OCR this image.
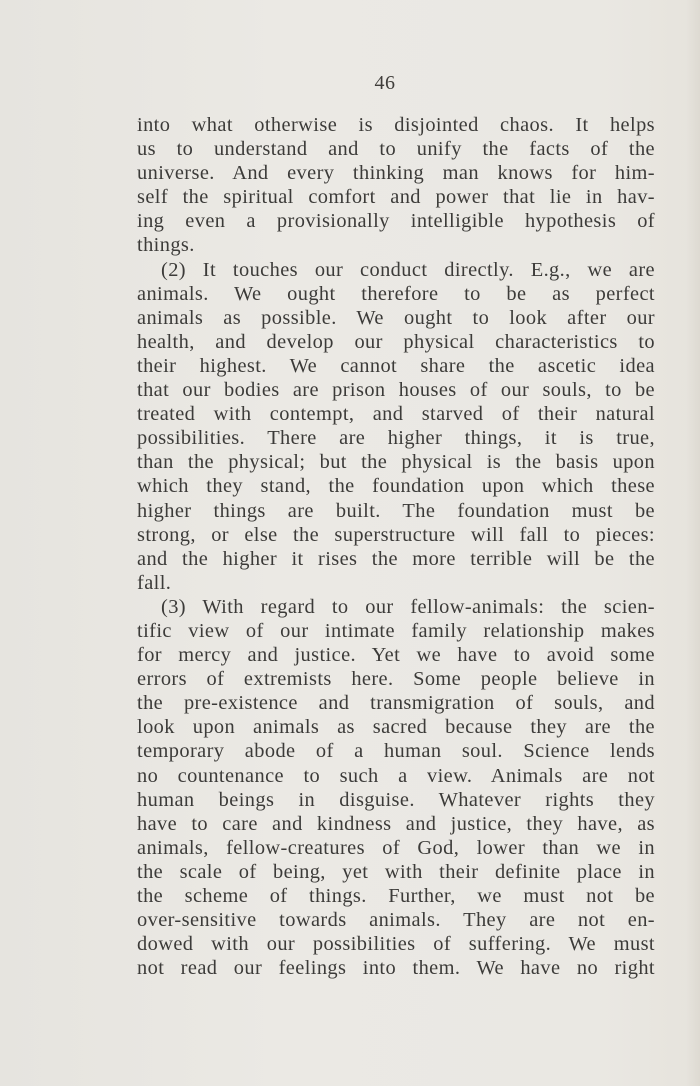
46
into what otherwise is disjointed chaos. It helps
us to understand and to unify the facts of the
universe. And every thinking man knows for him-
self the spiritual comfort and power that lie in hav-
ing even a provisionally intelligible hypothesis of
things.
(2) It touches our conduct directly. E.g., we are
animals. We ought therefore to be as perfect
animals as possible. We ought to look after our
health, and develop our physical characteristics to
their highest. We cannot share the ascetic idea
that our bodies are prison houses of our souls, to be
treated with contempt, and starved of their natural
possibilities. There are higher things, it is true,
than the physical; but the physical is the basis upon
which they stand, the foundation upon which these
higher things are built. The foundation must be
strong, or else the superstructure will fall to pieces:
and the higher it rises the more terrible will be the
fall.
(3) With regard to our fellow-animals: the scien-
tific view of our intimate family relationship makes
for mercy and justice. Yet we have to avoid some
errors of extremists here. Some people believe in
the pre-existence and transmigration of souls, and
look upon animals as sacred because they are the
temporary abode of a human soul. Science lends
no countenance to such a view. Animals are not
human beings in disguise. Whatever rights they
have to care and kindness and justice, they have, as
animals, fellow-creatures of God, lower than we in
the scale of being, yet with their definite place in
the scheme of things. Further, we must not be
over-sensitive towards animals. They are not en-
dowed with our possibilities of suffering. We must
not read our feelings into them. We have no right
